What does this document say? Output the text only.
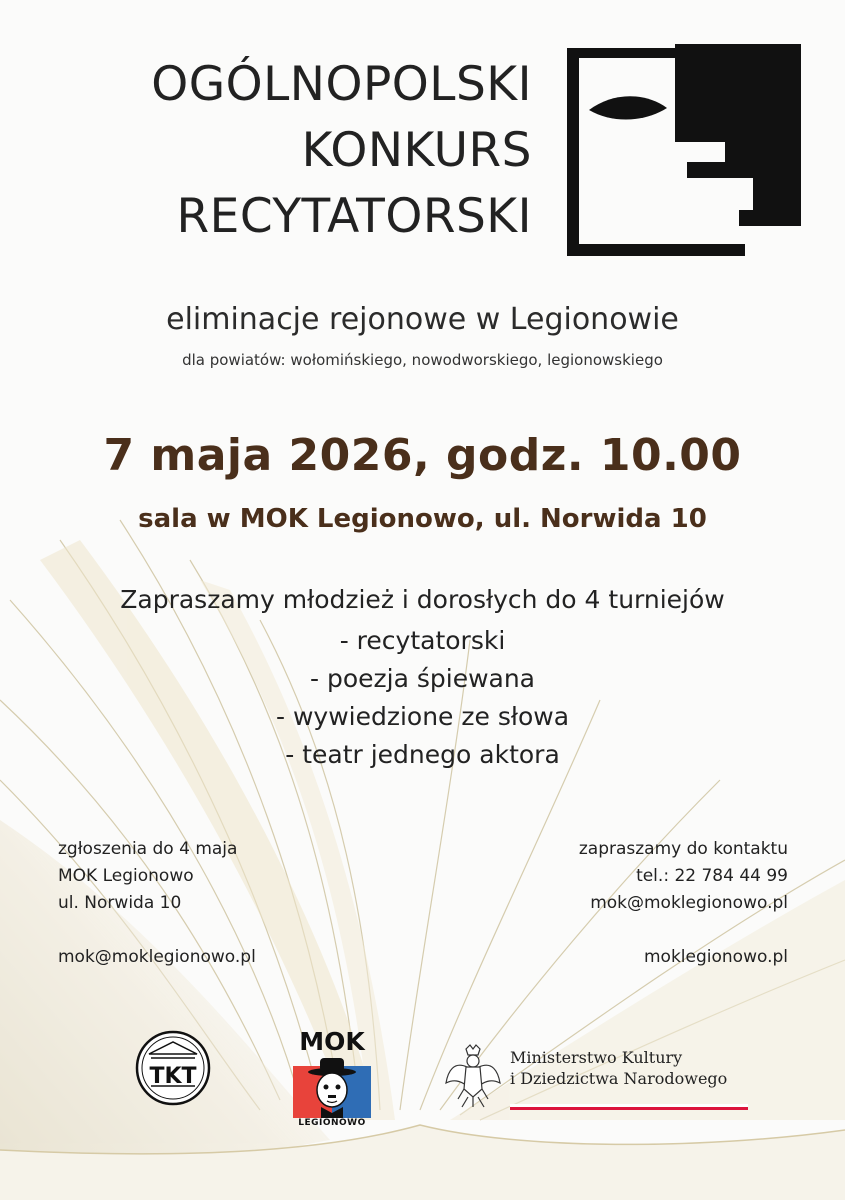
OGÓLNOPOLSKI
KONKURS
RECYTATORSKI
eliminacje rejonowe w Legionowie
dla powiatów: wołomińskiego, nowodworskiego, legionowskiego
7 maja 2026, godz. 10.00
sala w MOK Legionowo, ul. Norwida 10
Zapraszamy młodzież i dorosłych do 4 turniejów
- recytatorski
- poezja śpiewana
- wywiedzione ze słowa
- teatr jednego aktora
zgłoszenia do 4 maja
MOK Legionowo
ul. Norwida 10
mok@moklegionowo.pl
zapraszamy do kontaktu
tel.: 22 784 44 99
mok@moklegionowo.pl
moklegionowo.pl
TKT
MOK
LEGIONOWO
Ministerstwo Kultury
i Dziedzictwa Narodowego
